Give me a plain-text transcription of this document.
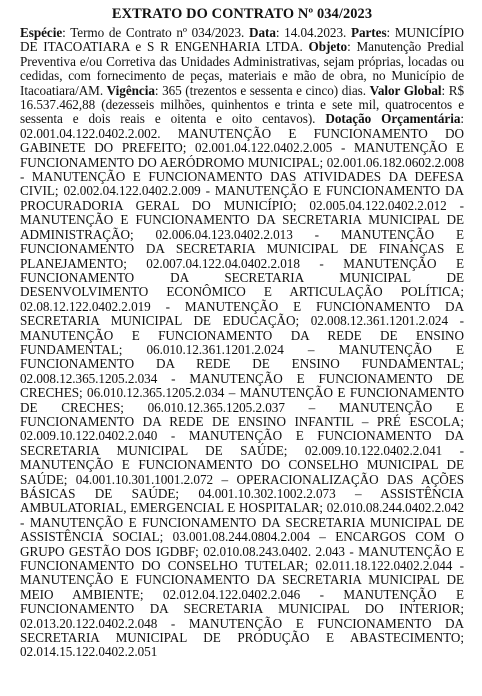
EXTRATO DO CONTRATO Nº 034/2023

Espécie: Termo de Contrato nº 034/2023. Data: 14.04.2023. Partes: MUNICÍPIO DE ITACOATIARA e S R ENGENHARIA LTDA. Objeto: Manutenção Predial Preventiva e/ou Corretiva das Unidades Administrativas, sejam próprias, locadas ou cedidas, com fornecimento de peças, materiais e mão de obra, no Município de Itacoatiara/AM. Vigência: 365 (trezentos e sessenta e cinco) dias. Valor Global: R$ 16.537.462,88 (dezesseis milhões, quinhentos e trinta e sete mil, quatrocentos e sessenta e dois reais e oitenta e oito centavos). Dotação Orçamentária: 02.001.04.122.0402.2.002. MANUTENÇÃO E FUNCIONAMENTO DO GABINETE DO PREFEITO; 02.001.04.122.0402.2.005 - MANUTENÇÃO E FUNCIONAMENTO DO AERÓDROMO MUNICIPAL; 02.001.06.182.0602.2.008 - MANUTENÇÃO E FUNCIONAMENTO DAS ATIVIDADES DA DEFESA CIVIL; 02.002.04.122.0402.2.009 - MANUTENÇÃO E FUNCIONAMENTO DA PROCURADORIA GERAL DO MUNICÍPIO; 02.005.04.122.0402.2.012 - MANUTENÇÃO E FUNCIONAMENTO DA SECRETARIA MUNICIPAL DE ADMINISTRAÇÃO; 02.006.04.123.0402.2.013 - MANUTENÇÃO E FUNCIONAMENTO DA SECRETARIA MUNICIPAL DE FINANÇAS E PLANEJAMENTO; 02.007.04.122.04.0402.2.018 - MANUTENÇÃO E FUNCIONAMENTO DA SECRETARIA MUNICIPAL DE DESENVOLVIMENTO ECONÔMICO E ARTICULAÇÃO POLÍTICA; 02.08.12.122.0402.2.019 - MANUTENÇÃO E FUNCIONAMENTO DA SECRETARIA MUNICIPAL DE EDUCAÇÃO; 02.008.12.361.1201.2.024 - MANUTENÇÃO E FUNCIONAMENTO DA REDE DE ENSINO FUNDAMENTAL; 06.010.12.361.1201.2.024 – MANUTENÇÃO E FUNCIONAMENTO DA REDE DE ENSINO FUNDAMENTAL; 02.008.12.365.1205.2.034 - MANUTENÇÃO E FUNCIONAMENTO DE CRECHES; 06.010.12.365.1205.2.034 – MANUTENÇÃO E FUNCIONAMENTO DE CRECHES; 06.010.12.365.1205.2.037 – MANUTENÇÃO E FUNCIONAMENTO DA REDE DE ENSINO INFANTIL – PRÉ ESCOLA; 02.009.10.122.0402.2.040 - MANUTENÇÃO E FUNCIONAMENTO DA SECRETARIA MUNICIPAL DE SAÚDE; 02.009.10.122.0402.2.041 - MANUTENÇÃO E FUNCIONAMENTO DO CONSELHO MUNICIPAL DE SAÚDE; 04.001.10.301.1001.2.072 – OPERACIONALIZAÇÃO DAS AÇÕES BÁSICAS DE SAÚDE; 04.001.10.302.1002.2.073 – ASSISTÊNCIA AMBULATORIAL, EMERGENCIAL E HOSPITALAR; 02.010.08.244.0402.2.042 - MANUTENÇÃO E FUNCIONAMENTO DA SECRETARIA MUNICIPAL DE ASSISTÊNCIA SOCIAL; 03.001.08.244.0804.2.004 – ENCARGOS COM O GRUPO GESTÃO DOS IGDBF; 02.010.08.243.0402. 2.043 - MANUTENÇÃO E FUNCIONAMENTO DO CONSELHO TUTELAR; 02.011.18.122.0402.2.044 - MANUTENÇÃO E FUNCIONAMENTO DA SECRETARIA MUNICIPAL DE MEIO AMBIENTE; 02.012.04.122.0402.2.046 - MANUTENÇÃO E FUNCIONAMENTO DA SECRETARIA MUNICIPAL DO INTERIOR; 02.013.20.122.0402.2.048 - MANUTENÇÃO E FUNCIONAMENTO DA SECRETARIA MUNICIPAL DE PRODUÇÃO E ABASTECIMENTO; 02.014.15.122.0402.2.051
